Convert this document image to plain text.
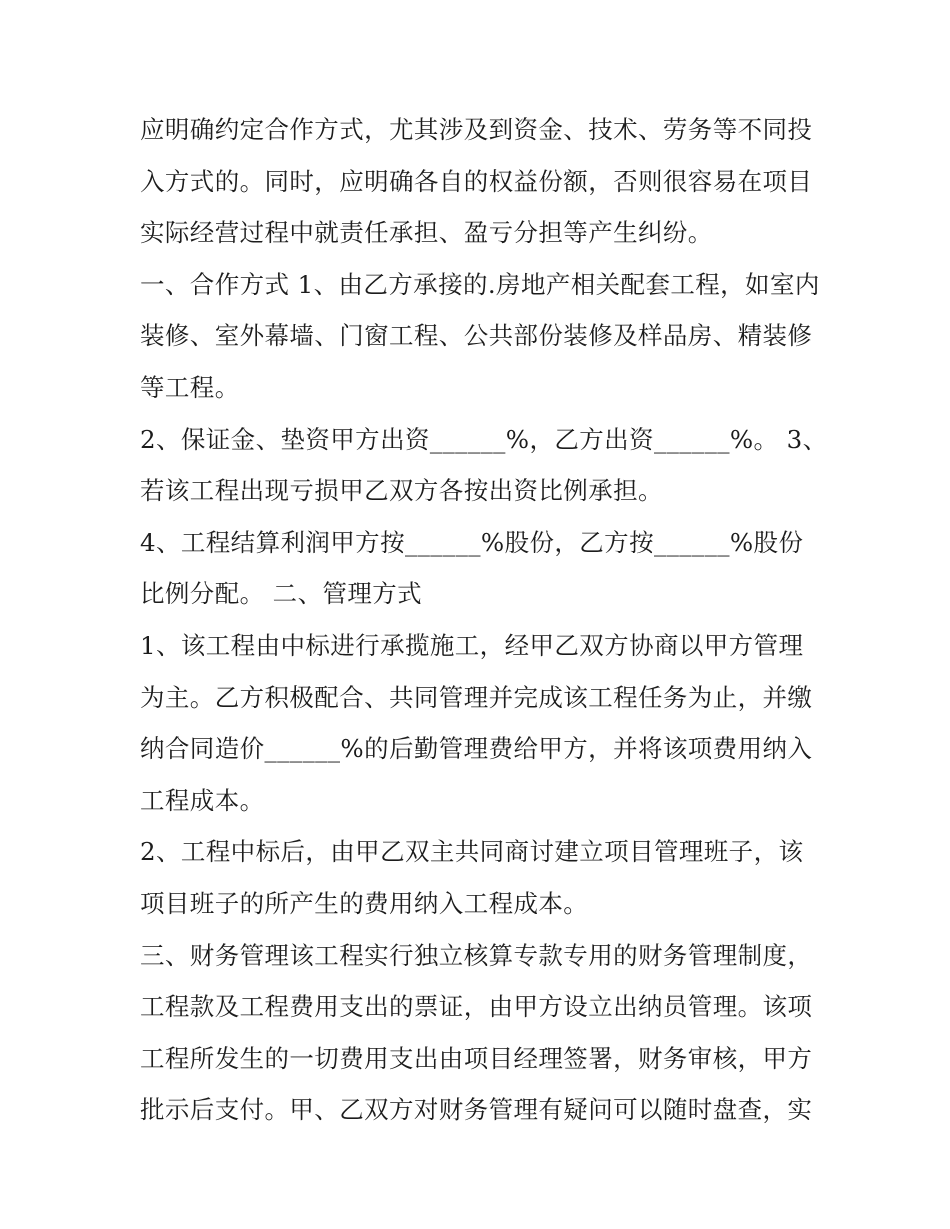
应明确约定合作方式，尤其涉及到资金、技术、劳务等不同投

入方式的。同时，应明确各自的权益份额，否则很容易在项目

实际经营过程中就责任承担、盈亏分担等产生纠纷。

一、合作方式 1、由乙方承接的.房地产相关配套工程，如室内

装修、室外幕墙、门窗工程、公共部份装修及样品房、精装修

等工程。

2、保证金、垫资甲方出资______%，乙方出资______%。 3、

若该工程出现亏损甲乙双方各按出资比例承担。

4、工程结算利润甲方按______%股份，乙方按______%股份

比例分配。 二、管理方式

1、该工程由中标进行承揽施工，经甲乙双方协商以甲方管理

为主。乙方积极配合、共同管理并完成该工程任务为止，并缴

纳合同造价______%的后勤管理费给甲方，并将该项费用纳入

工程成本。

2、工程中标后，由甲乙双主共同商讨建立项目管理班子，该

项目班子的所产生的费用纳入工程成本。

三、财务管理该工程实行独立核算专款专用的财务管理制度，

工程款及工程费用支出的票证，由甲方设立出纳员管理。该项

工程所发生的一切费用支出由项目经理签署，财务审核，甲方

批示后支付。甲、乙双方对财务管理有疑问可以随时盘查，实
